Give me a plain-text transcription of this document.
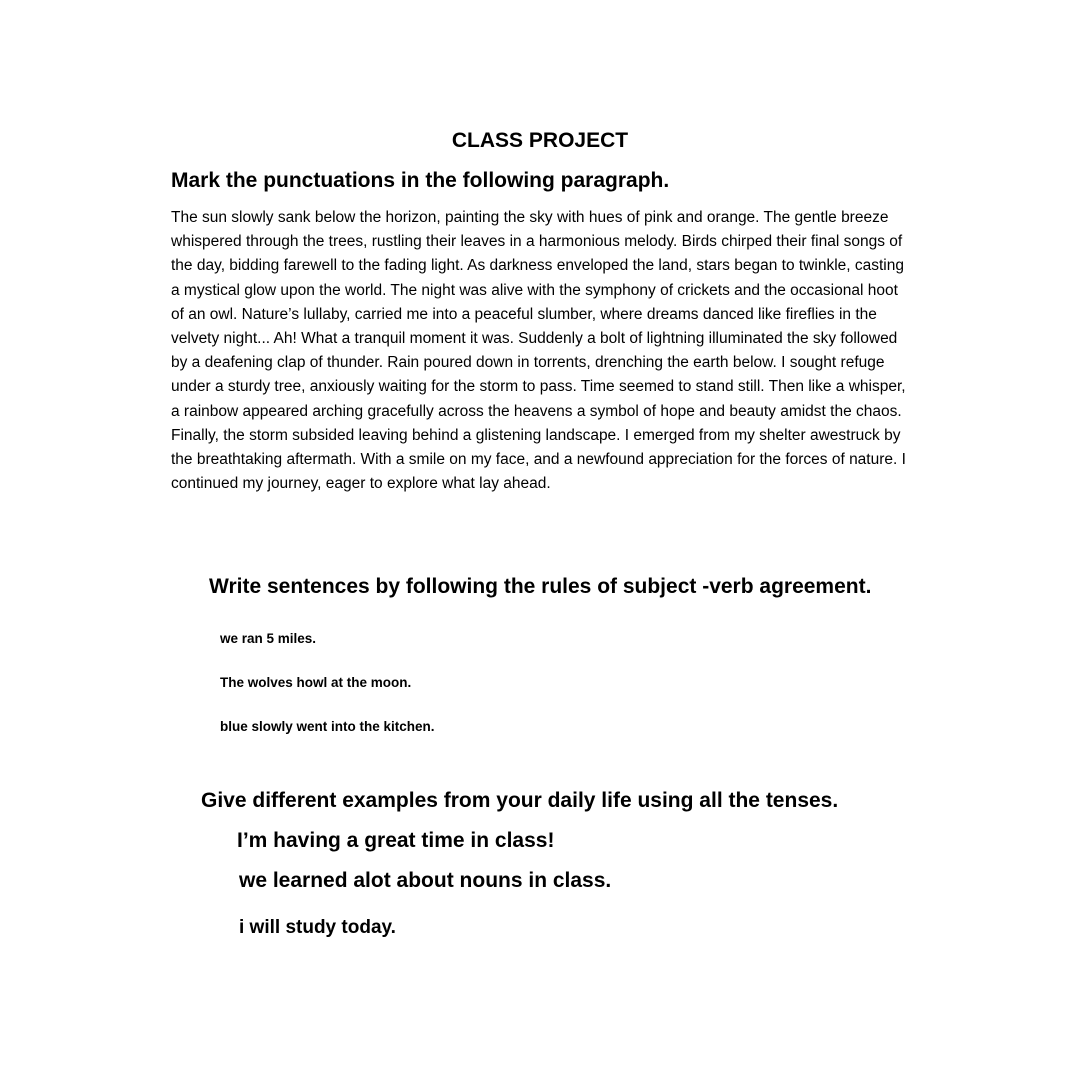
CLASS PROJECT
Mark the punctuations in the following paragraph.
The sun slowly sank below the horizon, painting the sky with hues of pink and orange. The gentle breeze whispered through the trees, rustling their leaves in a harmonious melody. Birds chirped their final songs of the day, bidding farewell to the fading light. As darkness enveloped the land, stars began to twinkle, casting a mystical glow upon the world. The night was alive with the symphony of crickets and the occasional hoot of an owl. Nature’s lullaby, carried me into a peaceful slumber, where dreams danced like fireflies in the velvety night... Ah! What a tranquil moment it was. Suddenly a bolt of lightning illuminated the sky followed by a deafening clap of thunder. Rain poured down in torrents, drenching the earth below. I sought refuge under a sturdy tree, anxiously waiting for the storm to pass. Time seemed to stand still. Then like a whisper, a rainbow appeared arching gracefully across the heavens a symbol of hope and beauty amidst the chaos. Finally, the storm subsided leaving behind a glistening landscape. I emerged from my shelter awestruck by the breathtaking aftermath. With a smile on my face, and a newfound appreciation for the forces of nature. I continued my journey, eager to explore what lay ahead.
Write sentences by following the rules of subject -verb agreement.
we ran 5 miles.
The wolves howl at the moon.
blue slowly went into the kitchen.
Give different examples from your daily life using all the tenses.
I’m having a great time in class!
we learned alot about nouns in class.
i will study today.
